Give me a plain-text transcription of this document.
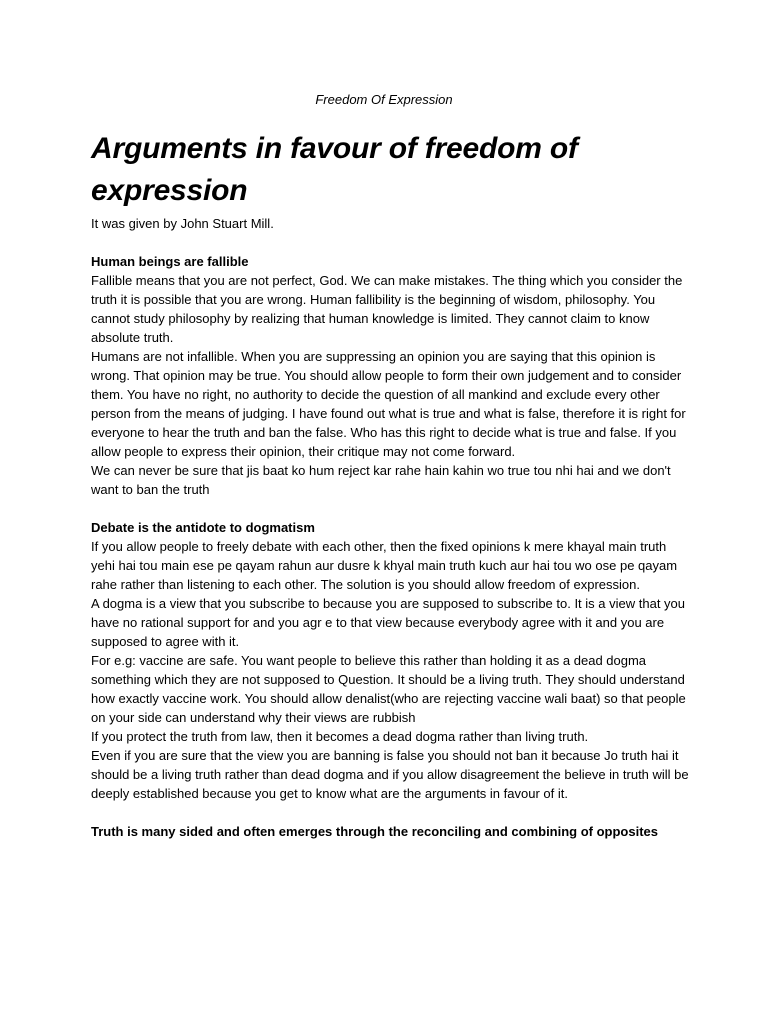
Freedom Of Expression
Arguments in favour of freedom of expression

It was given by John Stuart Mill.

Human beings are fallible

Fallible means that you are not perfect, God. We can make mistakes. The thing which you consider the truth it is possible that you are wrong. Human fallibility is the beginning of wisdom, philosophy. You cannot study philosophy by realizing that human knowledge is limited. They cannot claim to know absolute truth.

Humans are not infallible. When you are suppressing an opinion you are saying that this opinion is wrong. That opinion may be true. You should allow people to form their own judgement and to consider them. You have no right, no authority to decide the question of all mankind and exclude every other person from the means of judging. I have found out what is true and what is false, therefore it is right for everyone to hear the truth and ban the false. Who has this right to decide what is true and false. If you allow people to express their opinion, their critique may not come forward.

We can never be sure that jis baat ko hum reject kar rahe hain kahin wo true tou nhi hai and we don't want to ban the truth

Debate is the antidote to dogmatism

If you allow people to freely debate with each other, then the fixed opinions k mere khayal main truth yehi hai tou main ese pe qayam rahun aur dusre k khyal main truth kuch aur hai tou wo ose pe qayam rahe rather than listening to each other. The solution is you should allow freedom of expression.

A dogma is a view that you subscribe to because you are supposed to subscribe to. It is a view that you have no rational support for and you agr e to that view because everybody agree with it and you are supposed to agree with it.

For e.g: vaccine are safe. You want people to believe this rather than holding it as a dead dogma something which they are not supposed to Question. It should be a living truth. They should understand how exactly vaccine work. You should allow denalist(who are rejecting vaccine wali baat) so that people on your side can understand why their views are rubbish

If you protect the truth from law, then it becomes a dead dogma rather than living truth.

Even if you are sure that the view you are banning is false you should not ban it because Jo truth hai it should be a living truth rather than dead dogma and if you allow disagreement the believe in truth will be deeply established because you get to know what are the arguments in favour of it.

Truth is many sided and often emerges through the reconciling and combining of opposites
